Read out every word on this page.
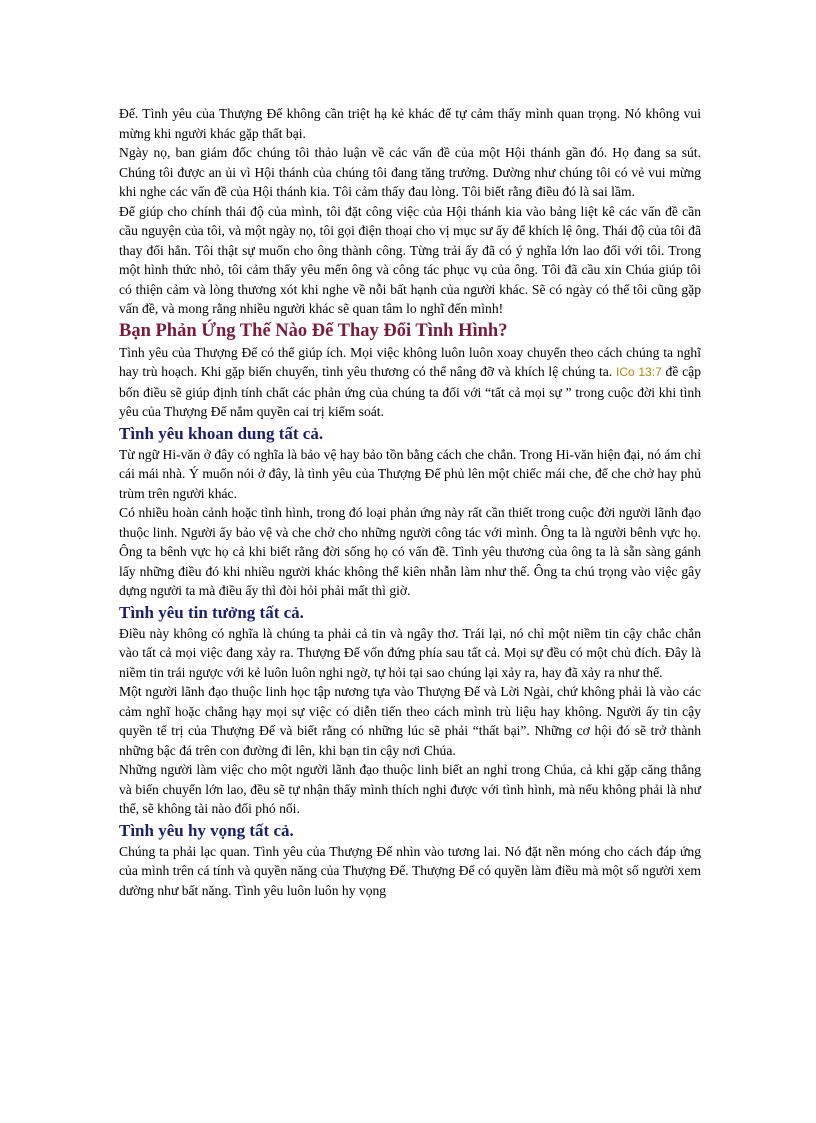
Đế. Tình yêu của Thượng Đế không cần triệt hạ kẻ khác để tự cảm thấy mình quan trọng. Nó không vui mừng khi người khác gặp thất bại.

Ngày nọ, ban giám đốc chúng tôi thảo luận về các vấn đề của một Hội thánh gần đó. Họ đang sa sút. Chúng tôi được an ủi vì Hội thánh của chúng tôi đang tăng trưởng. Dường như chúng tôi có vẻ vui mừng khi nghe các vấn đề của Hội thánh kia. Tôi cảm thấy đau lòng. Tôi biết rằng điều đó là sai lầm.

Để giúp cho chính thái độ của mình, tôi đặt công việc của Hội thánh kia vào bảng liệt kê các vấn đề cần cầu nguyện của tôi, và một ngày nọ, tôi gọi điện thoại cho vị mục sư ấy để khích lệ ông. Thái độ của tôi đã thay đổi hẳn. Tôi thật sự muốn cho ông thành công. Từng trải ấy đã có ý nghĩa lớn lao đối với tôi. Trong một hình thức nhỏ, tôi cảm thấy yêu mến ông và công tác phục vụ của ông. Tôi đã cầu xin Chúa giúp tôi có thiện cảm và lòng thương xót khi nghe về nỗi bất hạnh của người khác. Sẽ có ngày có thể tôi cũng gặp vấn đề, và mong rằng nhiều người khác sẽ quan tâm lo nghĩ đến mình!

Bạn Phản Ứng Thế Nào Để Thay Đổi Tình Hình?

Tình yêu của Thượng Đế có thể giúp ích. Mọi việc không luôn luôn xoay chuyển theo cách chúng ta nghĩ hay trù hoạch. Khi gặp biến chuyển, tình yêu thương có thể nâng đỡ và khích lệ chúng ta. ICo 13:7 đề cập bốn điều sẽ giúp định tính chất các phản ứng của chúng ta đối với “tất cả mọi sự ” trong cuộc đời khi tình yêu của Thượng Đế nắm quyền cai trị kiểm soát.

Tình yêu khoan dung tất cả.

Từ ngữ Hi-văn ở đây có nghĩa là bảo vệ hay bảo tồn bằng cách che chắn. Trong Hi-văn hiện đại, nó ám chỉ cái mái nhà. Ý muốn nói ở đây, là tình yêu của Thượng Đế phủ lên một chiếc mái che, để che chở hay phủ trùm trên người khác.

Có nhiều hoàn cảnh hoặc tình hình, trong đó loại phản ứng này rất cần thiết trong cuộc đời người lãnh đạo thuộc linh. Người ấy bảo vệ và che chở cho những người công tác với mình. Ông ta là người bênh vực họ. Ông ta bênh vực họ cả khi biết rằng đời sống họ có vấn đề. Tình yêu thương của ông ta là sẵn sàng gánh lấy những điều đó khi nhiều người khác không thể kiên nhẫn làm như thế. Ông ta chú trọng vào việc gây dựng người ta mà điều ấy thì đòi hỏi phải mất thì giờ.

Tình yêu tin tưởng tất cả.

Điều này không có nghĩa là chúng ta phải cả tin và ngây thơ. Trái lại, nó chỉ một niềm tin cậy chắc chắn vào tất cả mọi việc đang xảy ra. Thượng Đế vốn đứng phía sau tất cả. Mọi sự đều có một chủ đích. Đây là niềm tin trái ngược với kẻ luôn luôn nghi ngờ, tự hỏi tại sao chúng lại xảy ra, hay đã xảy ra như thế.

Một người lãnh đạo thuộc linh học tập nương tựa vào Thượng Đế và Lời Ngài, chứ không phải là vào các cảm nghĩ hoặc chẳng hạy mọi sự việc có diễn tiến theo cách mình trù liệu hay không. Người ấy tin cậy quyền tể trị của Thượng Đế và biết rằng có những lúc sẽ phải “thất bại”. Những cơ hội đó sẽ trở thành những bậc đá trên con đường đi lên, khi bạn tin cậy nơi Chúa.

Những người làm việc cho một người lãnh đạo thuộc linh biết an nghỉ trong Chúa, cả khi gặp căng thẳng và biến chuyển lớn lao, đều sẽ tự nhận thấy mình thích nghi được với tình hình, mà nếu không phải là như thế, sẽ không tài nào đối phó nổi.

Tình yêu hy vọng tất cả.

Chúng ta phải lạc quan. Tình yêu của Thượng Đế nhìn vào tương lai. Nó đặt nền móng cho cách đáp ứng của mình trên cá tính và quyền năng của Thượng Đế. Thượng Đế có quyền làm điều mà một số người xem dường như bất năng. Tình yêu luôn luôn hy vọng
